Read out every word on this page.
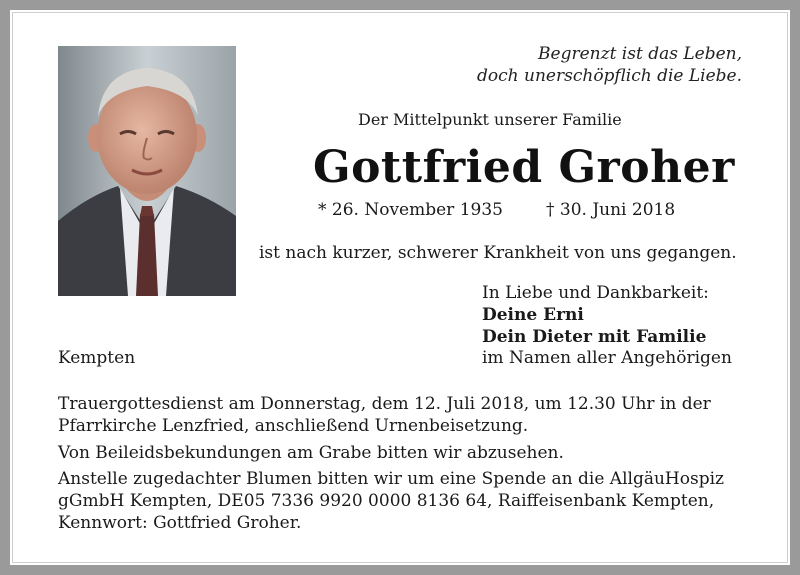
Begrenzt ist das Leben,
doch unerschöpflich die Liebe.
Der Mittelpunkt unserer Familie
Gottfried Groher
* 26. November 1935	† 30. Juni 2018
ist nach kurzer, schwerer Krankheit von uns gegangen.
In Liebe und Dankbarkeit:
Deine Erni
Dein Dieter mit Familie
im Namen aller Angehörigen
Kempten
Trauergottesdienst am Donnerstag, dem 12. Juli 2018, um 12.30 Uhr in der Pfarrkirche Lenzfried, anschließend Urnenbeisetzung.
Von Beileidsbekundungen am Grabe bitten wir abzusehen.
Anstelle zugedachter Blumen bitten wir um eine Spende an die AllgäuHospiz gGmbH Kempten, DE05 7336 9920 0000 8136 64, Raiffeisenbank Kempten, Kennwort: Gottfried Groher.
